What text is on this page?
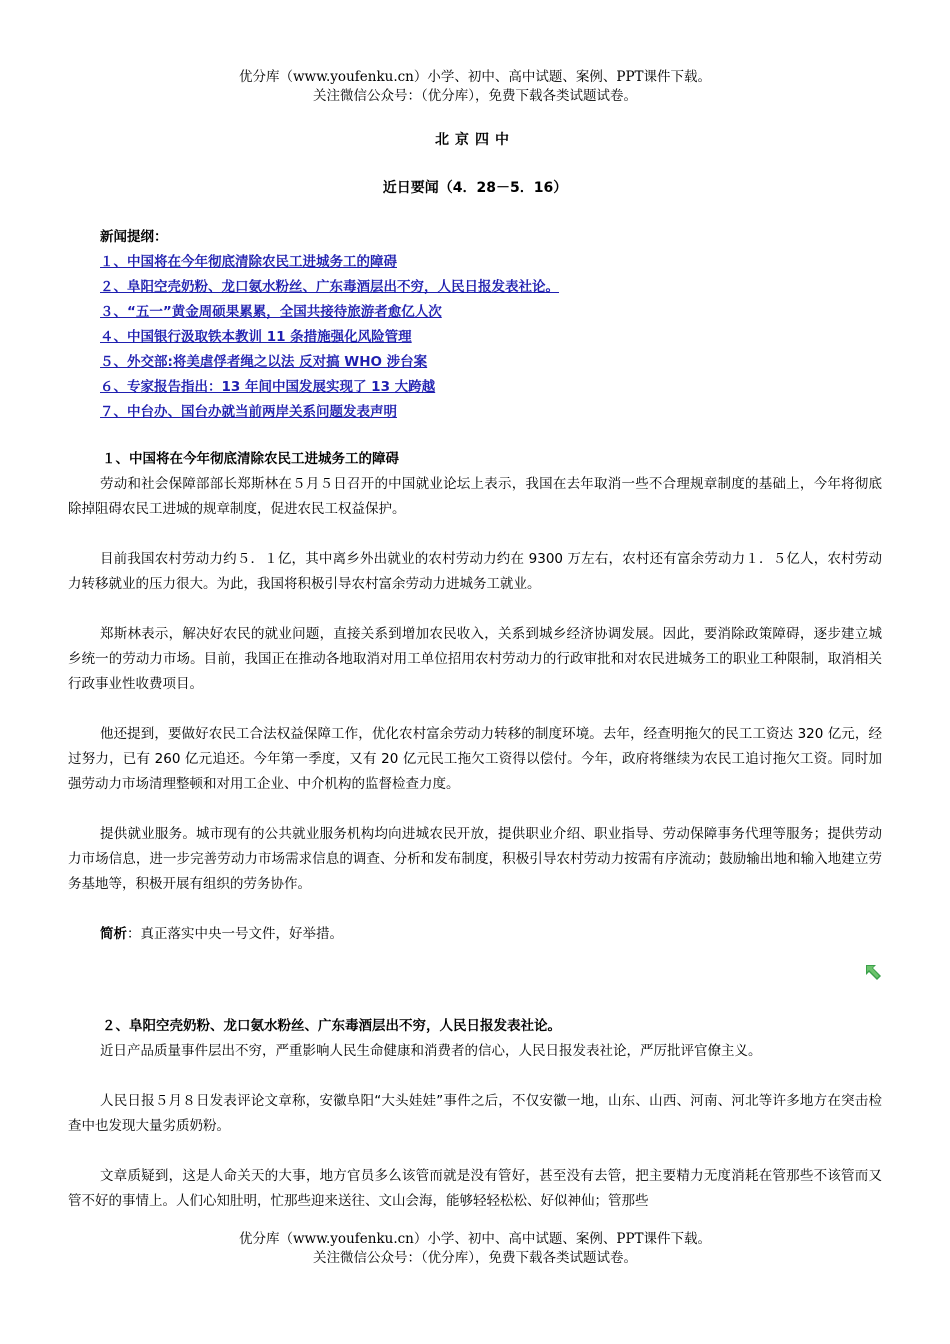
优分库（www.youfenku.cn）小学、初中、高中试题、案例、PPT课件下载。
关注微信公众号：（优分库），免费下载各类试题试卷。
北京四中
近日要闻（4．28－5．16）
新闻提纲：
１、中国将在今年彻底清除农民工进城务工的障碍
２、阜阳空壳奶粉、龙口氨水粉丝、广东毒酒层出不穷，人民日报发表社论。
３、“五一”黄金周硕果累累，全国共接待旅游者愈亿人次
４、中国银行汲取铁本教训 11 条措施强化风险管理
５、外交部:将美虐俘者绳之以法 反对搞 WHO 涉台案
６、专家报告指出：13 年间中国发展实现了 13 大跨越
７、中台办、国台办就当前两岸关系问题发表声明
１、中国将在今年彻底清除农民工进城务工的障碍

劳动和社会保障部部长郑斯林在５月５日召开的中国就业论坛上表示，我国在去年取消一些不合理规章制度的基础上，今年将彻底除掉阻碍农民工进城的规章制度，促进农民工权益保护。

目前我国农村劳动力约５．１亿，其中离乡外出就业的农村劳动力约在 9300 万左右，农村还有富余劳动力１．５亿人，农村劳动力转移就业的压力很大。为此，我国将积极引导农村富余劳动力进城务工就业。

郑斯林表示，解决好农民的就业问题，直接关系到增加农民收入，关系到城乡经济协调发展。因此，要消除政策障碍，逐步建立城乡统一的劳动力市场。目前，我国正在推动各地取消对用工单位招用农村劳动力的行政审批和对农民进城务工的职业工种限制，取消相关行政事业性收费项目。

他还提到，要做好农民工合法权益保障工作，优化农村富余劳动力转移的制度环境。去年，经查明拖欠的民工工资达 320 亿元，经过努力，已有 260 亿元追还。今年第一季度，又有 20 亿元民工拖欠工资得以偿付。今年，政府将继续为农民工追讨拖欠工资。同时加强劳动力市场清理整顿和对用工企业、中介机构的监督检查力度。

提供就业服务。城市现有的公共就业服务机构均向进城农民开放，提供职业介绍、职业指导、劳动保障事务代理等服务；提供劳动力市场信息，进一步完善劳动力市场需求信息的调查、分析和发布制度，积极引导农村劳动力按需有序流动；鼓励输出地和输入地建立劳务基地等，积极开展有组织的劳务协作。

简析：真正落实中央一号文件，好举措。

２、阜阳空壳奶粉、龙口氨水粉丝、广东毒酒层出不穷，人民日报发表社论。

近日产品质量事件层出不穷，严重影响人民生命健康和消费者的信心，人民日报发表社论，严厉批评官僚主义。

人民日报５月８日发表评论文章称，安徽阜阳“大头娃娃”事件之后，不仅安徽一地，山东、山西、河南、河北等许多地方在突击检查中也发现大量劣质奶粉。

文章质疑到，这是人命关天的大事，地方官员多么该管而就是没有管好，甚至没有去管，把主要精力无度消耗在管那些不该管而又管不好的事情上。人们心知肚明，忙那些迎来送往、文山会海，能够轻轻松松、好似神仙；管那些

优分库（www.youfenku.cn）小学、初中、高中试题、案例、PPT课件下载。
关注微信公众号：（优分库），免费下载各类试题试卷。
